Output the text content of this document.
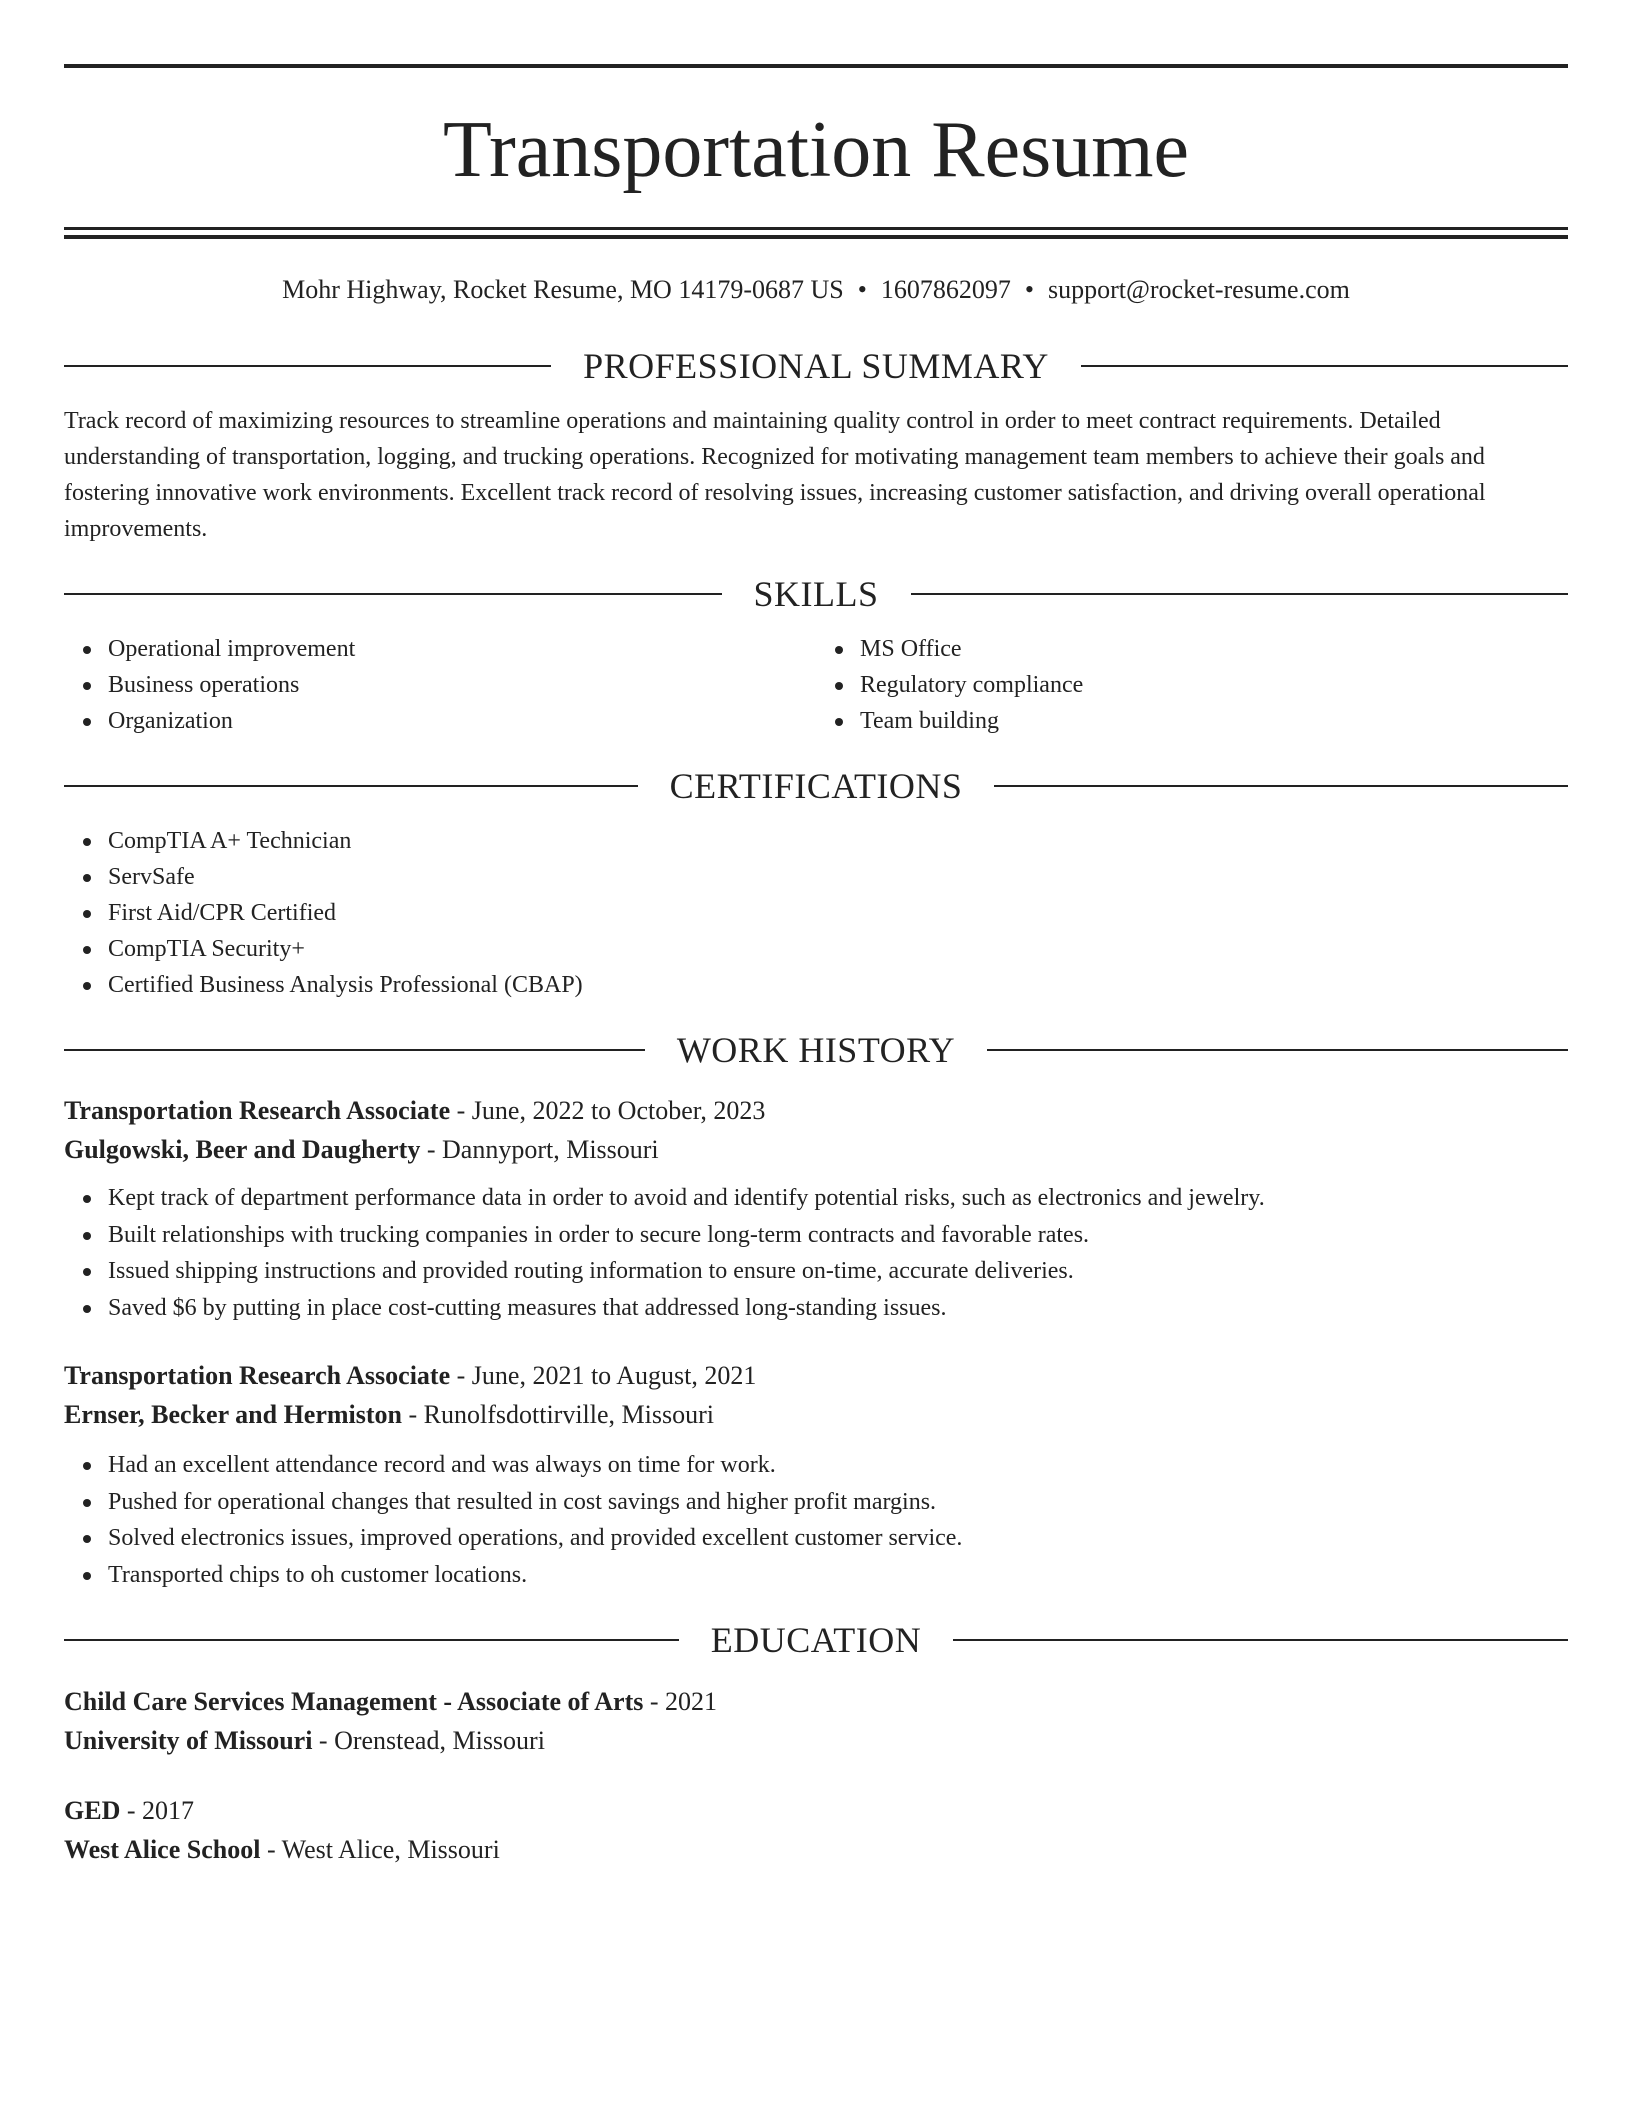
Transportation Resume
Mohr Highway, Rocket Resume, MO 14179-0687 US • 1607862097 • support@rocket-resume.com
PROFESSIONAL SUMMARY
Track record of maximizing resources to streamline operations and maintaining quality control in order to meet contract requirements. Detailed understanding of transportation, logging, and trucking operations. Recognized for motivating management team members to achieve their goals and fostering innovative work environments. Excellent track record of resolving issues, increasing customer satisfaction, and driving overall operational improvements.
SKILLS
Operational improvement
Business operations
Organization
MS Office
Regulatory compliance
Team building
CERTIFICATIONS
CompTIA A+ Technician
ServSafe
First Aid/CPR Certified
CompTIA Security+
Certified Business Analysis Professional (CBAP)
WORK HISTORY
Transportation Research Associate - June, 2022 to October, 2023
Gulgowski, Beer and Daugherty - Dannyport, Missouri
Kept track of department performance data in order to avoid and identify potential risks, such as electronics and jewelry.
Built relationships with trucking companies in order to secure long-term contracts and favorable rates.
Issued shipping instructions and provided routing information to ensure on-time, accurate deliveries.
Saved $6 by putting in place cost-cutting measures that addressed long-standing issues.
Transportation Research Associate - June, 2021 to August, 2021
Ernser, Becker and Hermiston - Runolfsdottirville, Missouri
Had an excellent attendance record and was always on time for work.
Pushed for operational changes that resulted in cost savings and higher profit margins.
Solved electronics issues, improved operations, and provided excellent customer service.
Transported chips to oh customer locations.
EDUCATION
Child Care Services Management - Associate of Arts - 2021
University of Missouri - Orenstead, Missouri
GED - 2017
West Alice School - West Alice, Missouri
